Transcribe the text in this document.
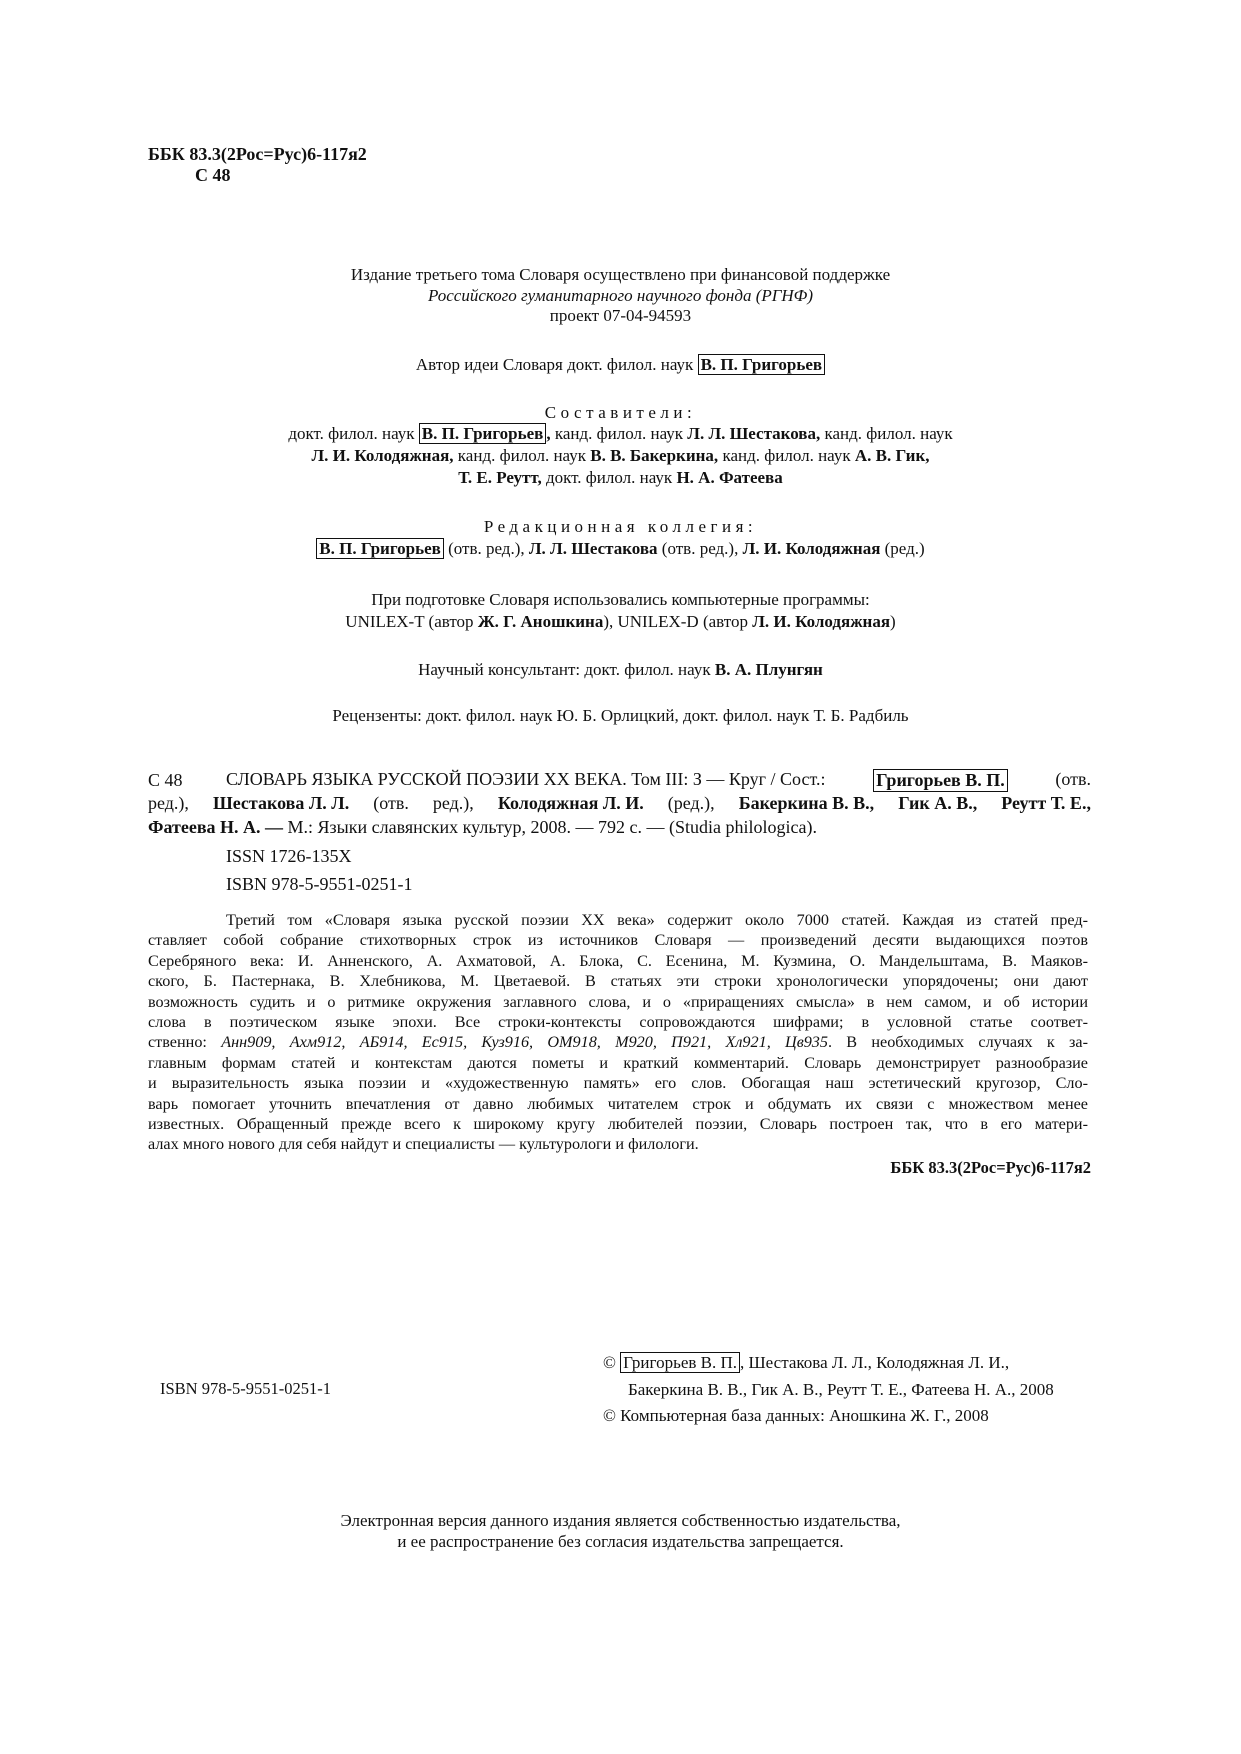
ББК 83.3(2Рос=Рус)6-117я2
С 48
Издание третьего тома Словаря осуществлено при финансовой поддержке
Российского гуманитарного научного фонда (РГНФ)
проект 07-04-94593
Автор идеи Словаря докт. филол. наук В. П. Григорьев
Составители:
докт. филол. наук В. П. Григорьев , канд. филол. наук Л. Л. Шестакова, канд. филол. наук
Л. И. Колодяжная, канд. филол. наук В. В. Бакеркина, канд. филол. наук А. В. Гик,
Т. Е. Реутт, докт. филол. наук Н. А. Фатеева
Редакционная коллегия:
В. П. Григорьев (отв. ред.), Л. Л. Шестакова (отв. ред.), Л. И. Колодяжная (ред.)
При подготовке Словаря использовались компьютерные программы:
UNILEX-T (автор Ж. Г. Аношкина), UNILEX-D (автор Л. И. Колодяжная)
Научный консультант: докт. филол. наук В. А. Плунгян
Рецензенты: докт. филол. наук Ю. Б. Орлицкий, докт. филол. наук Т. Б. Радбиль
С 48 СЛОВАРЬ ЯЗЫКА РУССКОЙ ПОЭЗИИ XX ВЕКА. Том III: З — Круг / Сост.:	Григорьев В. П.	(отв.
ред.), Шестакова Л. Л. (отв. ред.), Колодяжная Л. И. (ред.), Бакеркина В. В., Гик А. В., Реутт Т. Е.,
Фатеева Н. А. — М.: Языки славянских культур, 2008. — 792 с. — (Studia philologica).
ISSN 1726-135X
ISBN 978-5-9551-0251-1
Третий том «Словаря языка русской поэзии XX века» содержит около 7000 статей. Каждая из статей пред-
ставляет собой собрание стихотворных строк из источников Словаря — произведений десяти выдающихся поэтов
Серебряного века: И. Анненского, А. Ахматовой, А. Блока, С. Есенина, М. Кузмина, О. Мандельштама, В. Маяков-
ского, Б. Пастернака, В. Хлебникова, М. Цветаевой. В статьях эти строки хронологически упорядочены; они дают
возможность судить и о ритмике окружения заглавного слова, и о «приращениях смысла» в нем самом, и об истории
слова в поэтическом языке эпохи. Все строки-контексты сопровождаются шифрами; в условной статье соответ-
ственно: Анн909, Ахм912, АБ914, Ес915, Куз916, ОМ918, М920, П921, Хл921, Цв935. В необходимых случаях к за-
главным формам статей и контекстам даются пометы и краткий комментарий. Словарь демонстрирует разнообразие
и выразительность языка поэзии и «художественную память» его слов. Обогащая наш эстетический кругозор, Сло-
варь помогает уточнить впечатления от давно любимых читателем строк и обдумать их связи с множеством менее
известных. Обращенный прежде всего к широкому кругу любителей поэзии, Словарь построен так, что в его матери-
алах много нового для себя найдут и специалисты — культурологи и филологи.
ББК 83.3(2Рос=Рус)6-117я2
ISBN 978-5-9551-0251-1
© Григорьев В. П. , Шестакова Л. Л., Колодяжная Л. И.,
Бакеркина В. В., Гик А. В., Реутт Т. Е., Фатеева Н. А., 2008
© Компьютерная база данных: Аношкина Ж. Г., 2008
Электронная версия данного издания является собственностью издательства,
и ее распространение без согласия издательства запрещается.
